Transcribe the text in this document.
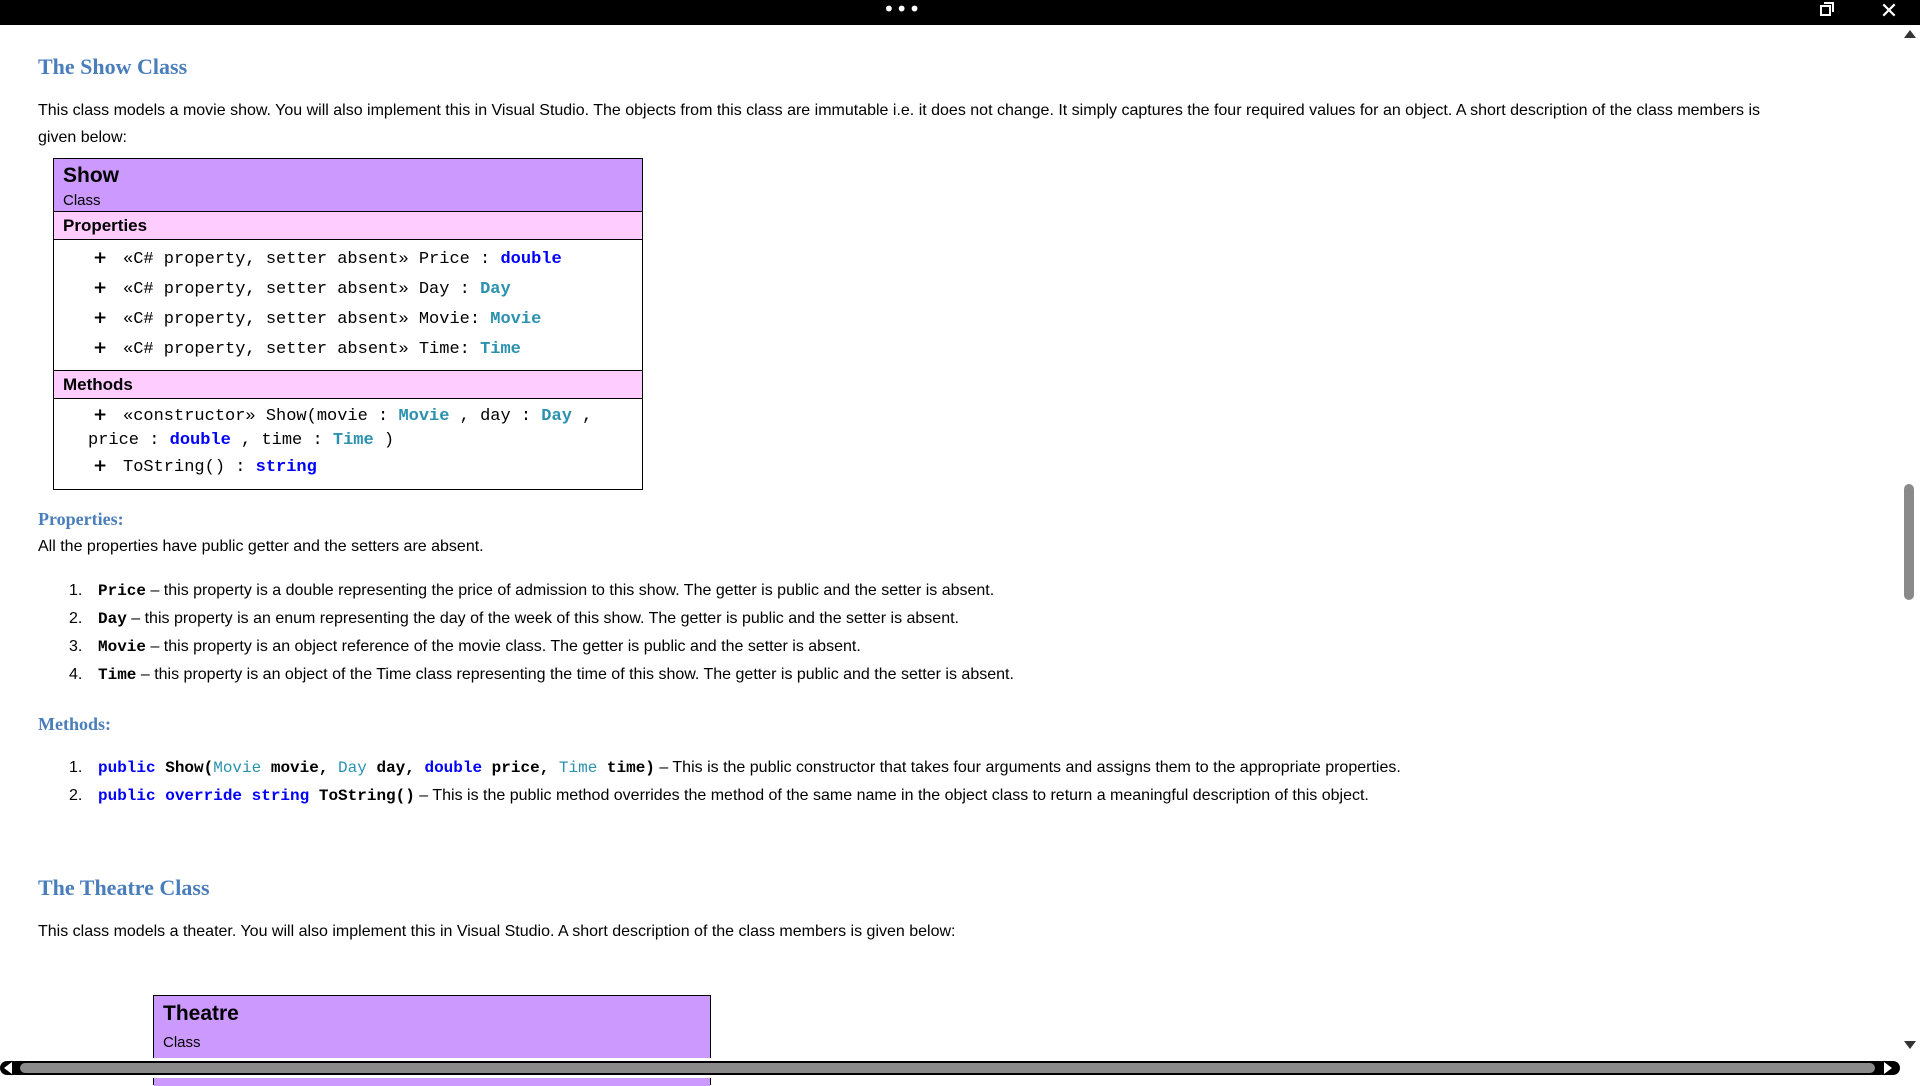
•••	✕
The Show Class
This class models a movie show. You will also implement this in Visual Studio. The objects from this class are immutable i.e. it does not change. It simply captures the four required values for an object. A short description of the class members is
given below:
Show
Class
Properties
+ «C# property, setter absent» Price : double
+ «C# property, setter absent» Day : Day
+ «C# property, setter absent» Movie: Movie
+ «C# property, setter absent» Time: Time
Methods
+ «constructor» Show(movie : Movie , day : Day ,
price : double , time : Time )
+ ToString() : string
Properties:
All the properties have public getter and the setters are absent.
1. Price – this property is a double representing the price of admission to this show. The getter is public and the setter is absent.
2. Day – this property is an enum representing the day of the week of this show. The getter is public and the setter is absent.
3. Movie – this property is an object reference of the movie class. The getter is public and the setter is absent.
4. Time – this property is an object of the Time class representing the time of this show. The getter is public and the setter is absent.
Methods:
1. public Show(Movie movie, Day day, double price, Time time) – This is the public constructor that takes four arguments and assigns them to the appropriate properties.
2. public override string ToString() – This is the public method overrides the method of the same name in the object class to return a meaningful description of this object.
The Theatre Class
This class models a theater. You will also implement this in Visual Studio. A short description of the class members is given below:
Theatre
Class
